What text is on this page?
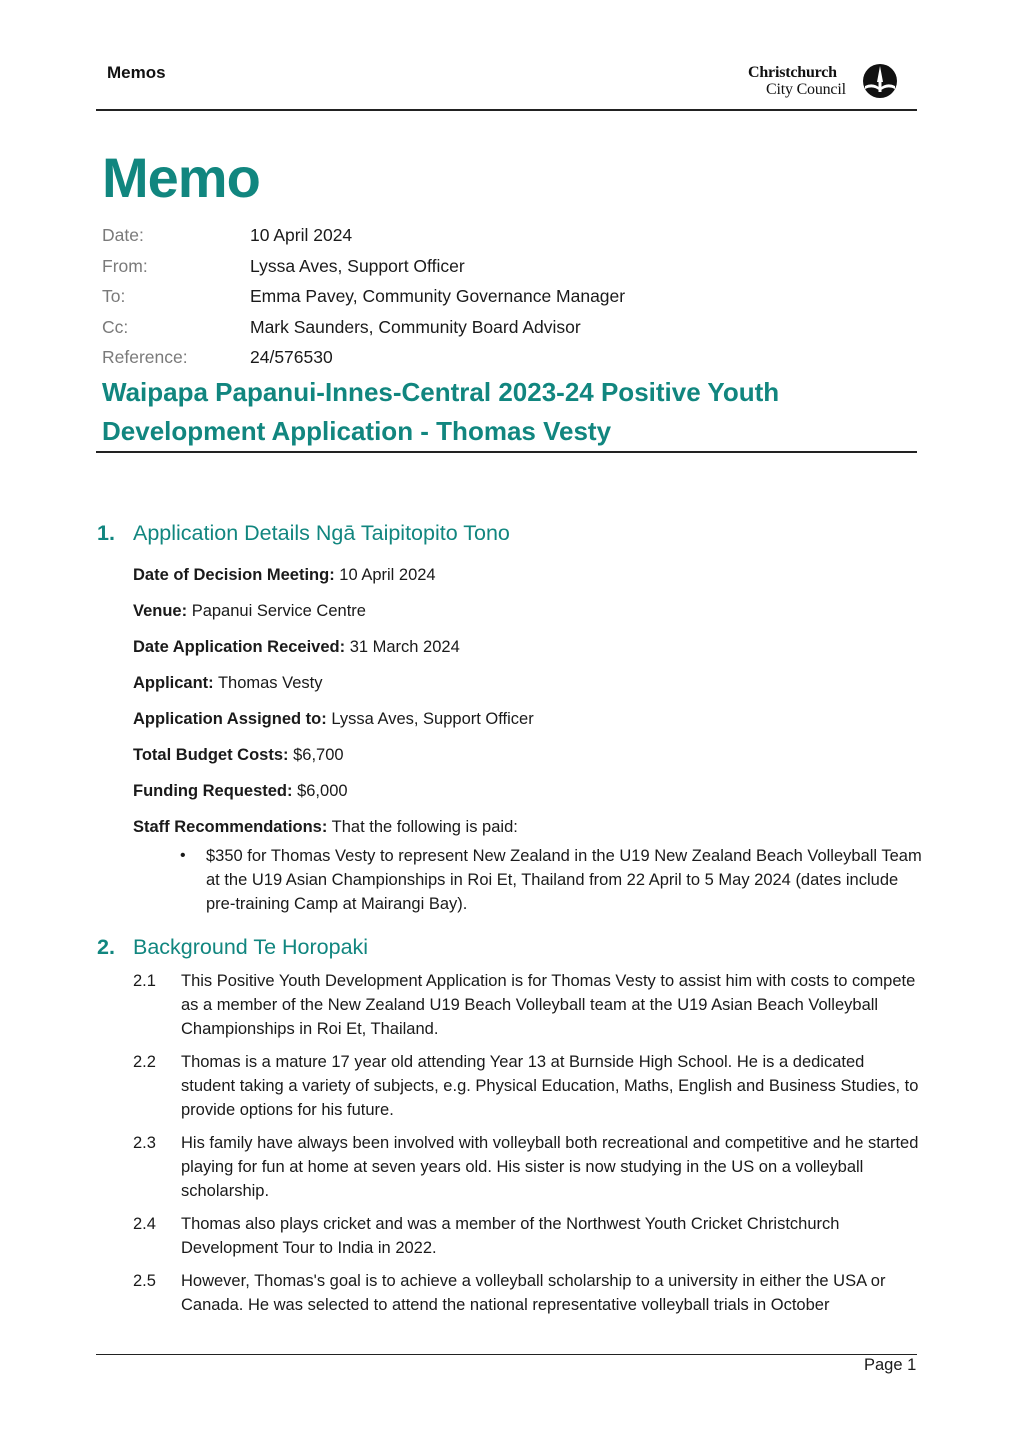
Memos	Christchurch
City Council
Memo
Date:	10 April 2024
From:	Lyssa Aves, Support Officer
To:	Emma Pavey, Community Governance Manager
Cc:	Mark Saunders, Community Board Advisor
Reference:	24/576530
Waipapa Papanui-Innes-Central 2023-24 Positive Youth Development Application - Thomas Vesty
1. Application Details Ngā Taipitopito Tono
Date of Decision Meeting: 10 April 2024
Venue: Papanui Service Centre
Date Application Received: 31 March 2024
Applicant: Thomas Vesty
Application Assigned to: Lyssa Aves, Support Officer
Total Budget Costs: $6,700
Funding Requested: $6,000
Staff Recommendations: That the following is paid:
• $350 for Thomas Vesty to represent New Zealand in the U19 New Zealand Beach Volleyball Team at the U19 Asian Championships in Roi Et, Thailand from 22 April to 5 May 2024 (dates include pre-training Camp at Mairangi Bay).
2. Background Te Horopaki
2.1	This Positive Youth Development Application is for Thomas Vesty to assist him with costs to compete as a member of the New Zealand U19 Beach Volleyball team at the U19 Asian Beach Volleyball Championships in Roi Et, Thailand.
2.2	Thomas is a mature 17 year old attending Year 13 at Burnside High School. He is a dedicated student taking a variety of subjects, e.g. Physical Education, Maths, English and Business Studies, to provide options for his future.
2.3	His family have always been involved with volleyball both recreational and competitive and he started playing for fun at home at seven years old. His sister is now studying in the US on a volleyball scholarship.
2.4	Thomas also plays cricket and was a member of the Northwest Youth Cricket Christchurch Development Tour to India in 2022.
2.5	However, Thomas's goal is to achieve a volleyball scholarship to a university in either the USA or Canada. He was selected to attend the national representative volleyball trials in October
Page 1
